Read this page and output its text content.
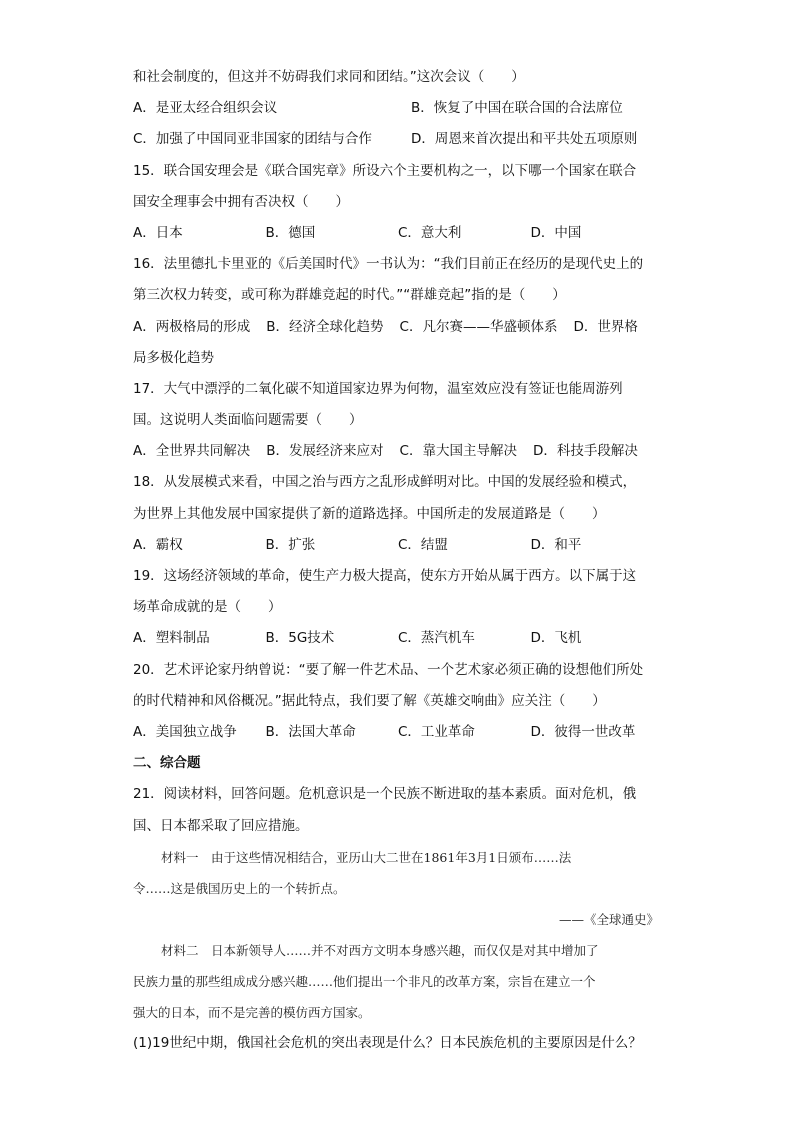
和社会制度的，但这并不妨碍我们求同和团结。”这次会议（　　）
A．是亚太经合组织会议	B．恢复了中国在联合国的合法席位
C．加强了中国同亚非国家的团结与合作	D．周恩来首次提出和平共处五项原则
15．联合国安理会是《联合国宪章》所设六个主要机构之一，以下哪一个国家在联合
国安全理事会中拥有否决权（　　）
A．日本	B．德国	C．意大利	D．中国
16．法里德扎卡里亚的《后美国时代》一书认为：“我们目前正在经历的是现代史上的
第三次权力转变，或可称为群雄竞起的时代。”“群雄竞起”指的是（　　）
A．两极格局的形成 B．经济全球化趋势 C．凡尔赛——华盛顿体系 D．世界格
局多极化趋势
17．大气中漂浮的二氧化碳不知道国家边界为何物，温室效应没有签证也能周游列
国。这说明人类面临问题需要（　　）
A．全世界共同解决 B．发展经济来应对 C．靠大国主导解决 D．科技手段解决
18．从发展模式来看，中国之治与西方之乱形成鲜明对比。中国的发展经验和模式，
为世界上其他发展中国家提供了新的道路选择。中国所走的发展道路是（　　）
A．霸权	B．扩张	C．结盟	D．和平
19．这场经济领域的革命，使生产力极大提高，使东方开始从属于西方。以下属于这
场革命成就的是（　　）
A．塑料制品	B．5G技术	C．蒸汽机车	D．飞机
20．艺术评论家丹纳曾说：“要了解一件艺术品、一个艺术家必须正确的设想他们所处
的时代精神和风俗概况。”据此特点，我们要了解《英雄交响曲》应关注（　　）
A．美国独立战争	B．法国大革命	C．工业革命	D．彼得一世改革
二、综合题
21．阅读材料，回答问题。危机意识是一个民族不断进取的基本素质。面对危机，俄
国、日本都采取了回应措施。
材料一　由于这些情况相结合，亚历山大二世在1861年3月1日颁布……法
令……这是俄国历史上的一个转折点。
——《全球通史》
材料二　日本新领导人……并不对西方文明本身感兴趣，而仅仅是对其中增加了
民族力量的那些组成成分感兴趣……他们提出一个非凡的改革方案，宗旨在建立一个
强大的日本，而不是完善的模仿西方国家。
(1)19世纪中期，俄国社会危机的突出表现是什么？日本民族危机的主要原因是什么？
